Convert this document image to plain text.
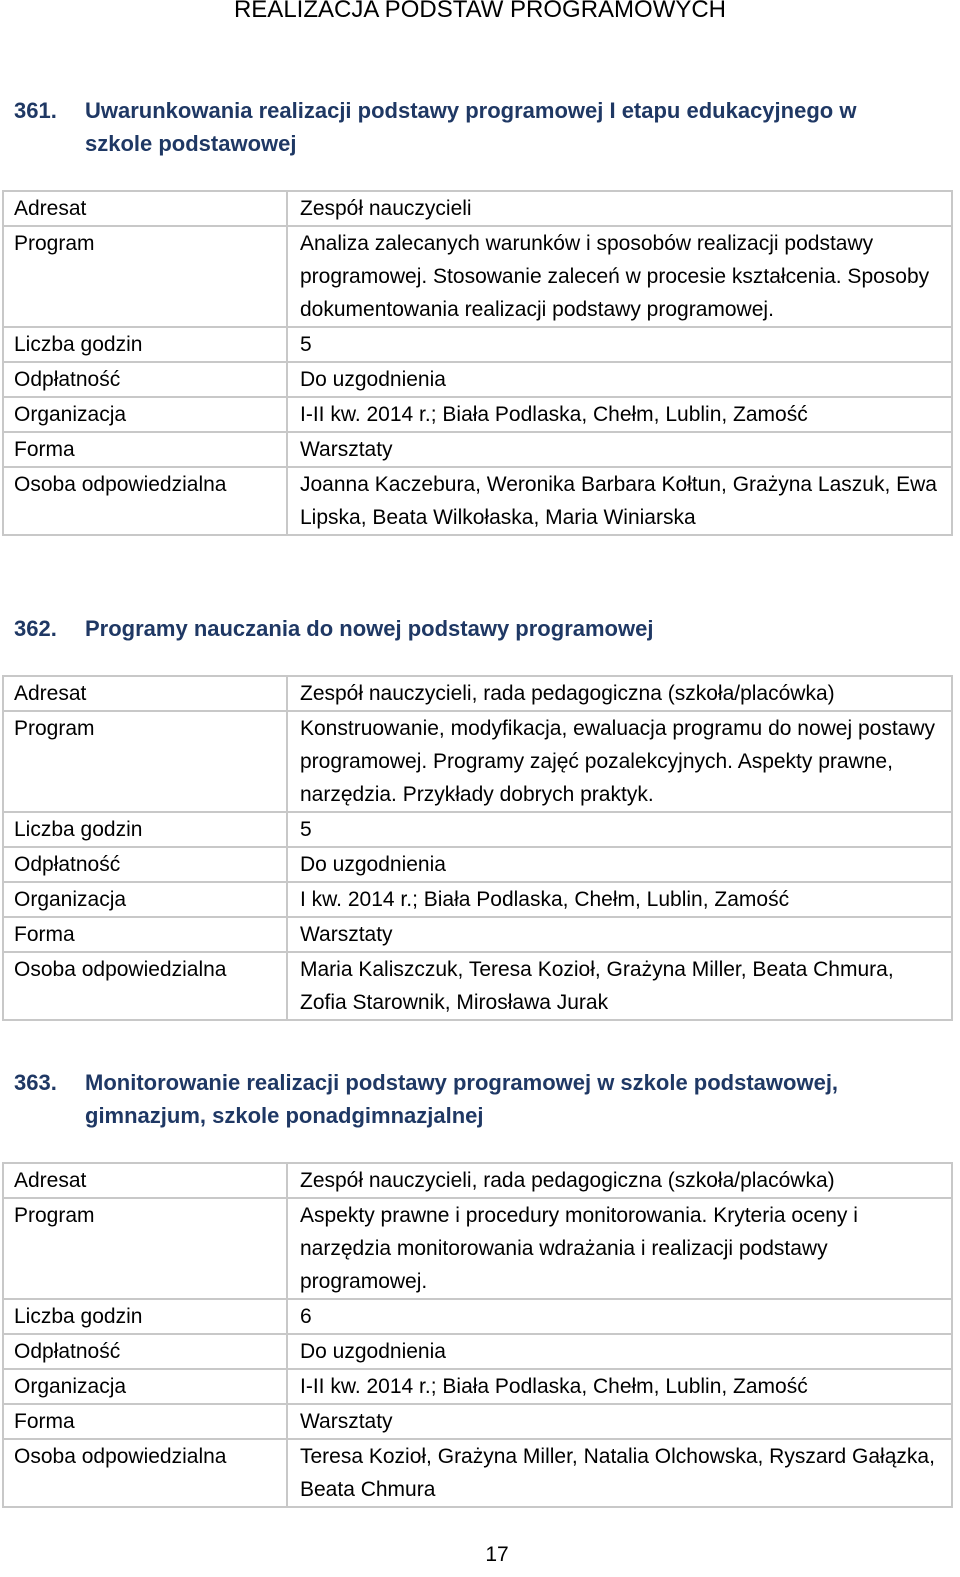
REALIZACJA PODSTAW PROGRAMOWYCH
361. Uwarunkowania realizacji podstawy programowej I etapu edukacyjnego w szkole podstawowej
Adresat	Zespół nauczycieli
Program	Analiza zalecanych warunków i sposobów realizacji podstawy programowej. Stosowanie zaleceń w procesie kształcenia. Sposoby dokumentowania realizacji podstawy programowej.
Liczba godzin	5
Odpłatność	Do uzgodnienia
Organizacja	I-II kw. 2014 r.; Biała Podlaska, Chełm, Lublin, Zamość
Forma	Warsztaty
Osoba odpowiedzialna	Joanna Kaczebura, Weronika Barbara Kołtun, Grażyna Laszuk, Ewa Lipska, Beata Wilkołaska, Maria Winiarska
362. Programy nauczania do nowej podstawy programowej
Adresat	Zespół nauczycieli, rada pedagogiczna (szkoła/placówka)
Program	Konstruowanie, modyfikacja, ewaluacja programu do nowej postawy programowej. Programy zajęć pozalekcyjnych. Aspekty prawne, narzędzia. Przykłady dobrych praktyk.
Liczba godzin	5
Odpłatność	Do uzgodnienia
Organizacja	I kw. 2014 r.; Biała Podlaska, Chełm, Lublin, Zamość
Forma	Warsztaty
Osoba odpowiedzialna	Maria Kaliszczuk, Teresa Kozioł, Grażyna Miller, Beata Chmura, Zofia Starownik, Mirosława Jurak
363. Monitorowanie realizacji podstawy programowej w szkole podstawowej, gimnazjum, szkole ponadgimnazjalnej
Adresat	Zespół nauczycieli, rada pedagogiczna (szkoła/placówka)
Program	Aspekty prawne i procedury monitorowania. Kryteria oceny i narzędzia monitorowania wdrażania i realizacji podstawy programowej.
Liczba godzin	6
Odpłatność	Do uzgodnienia
Organizacja	I-II kw. 2014 r.; Biała Podlaska, Chełm, Lublin, Zamość
Forma	Warsztaty
Osoba odpowiedzialna	Teresa Kozioł, Grażyna Miller, Natalia Olchowska, Ryszard Gałązka, Beata Chmura
17
